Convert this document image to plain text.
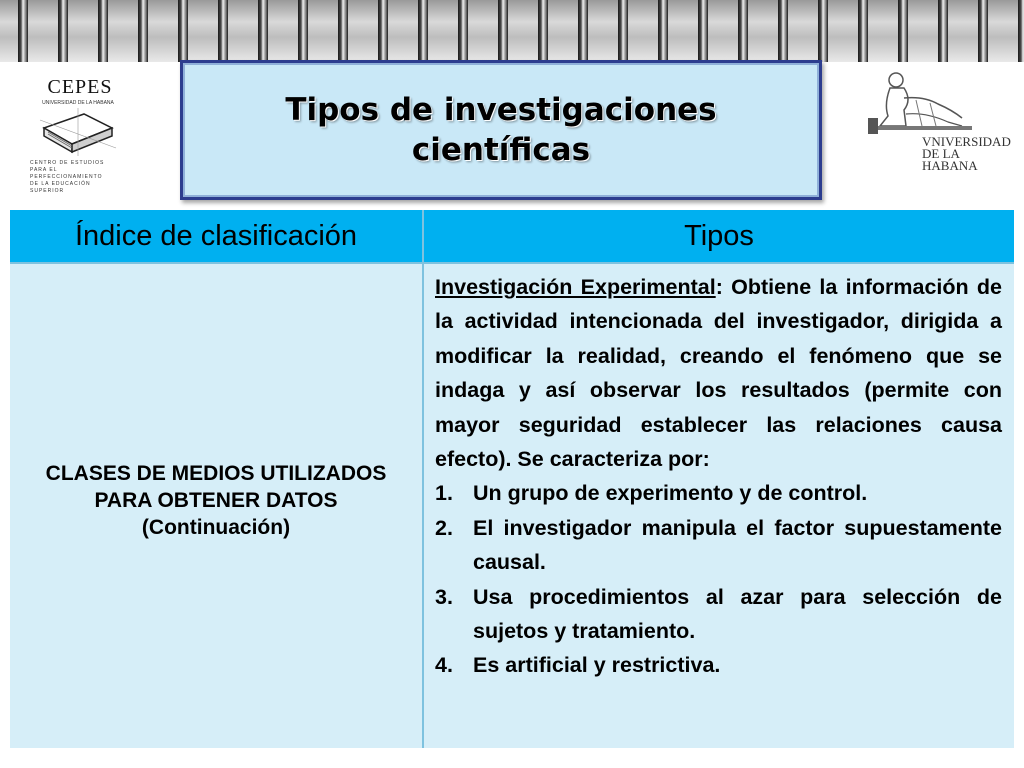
CEPES
UNIVERSIDAD DE LA HABANA
CENTRO DE ESTUDIOS
PARA EL PERFECCIONAMIENTO
DE LA EDUCACIÓN SUPERIOR
Tipos de investigaciones científicas	VNIVERSIDAD
DE LA HABANA
Índice de clasificación	Tipos
CLASES DE MEDIOS UTILIZADOS PARA OBTENER DATOS (Continuación)
Investigación Experimental: Obtiene la información de la actividad intencionada del investigador, dirigida a modificar la realidad, creando el fenómeno que se indaga y así observar los resultados (permite con mayor seguridad establecer las relaciones causa efecto). Se caracteriza por:
1. Un grupo de experimento y de control.
2. El investigador manipula el factor supuestamente causal.
3. Usa procedimientos al azar para selección de sujetos y tratamiento.
4. Es artificial y restrictiva.
